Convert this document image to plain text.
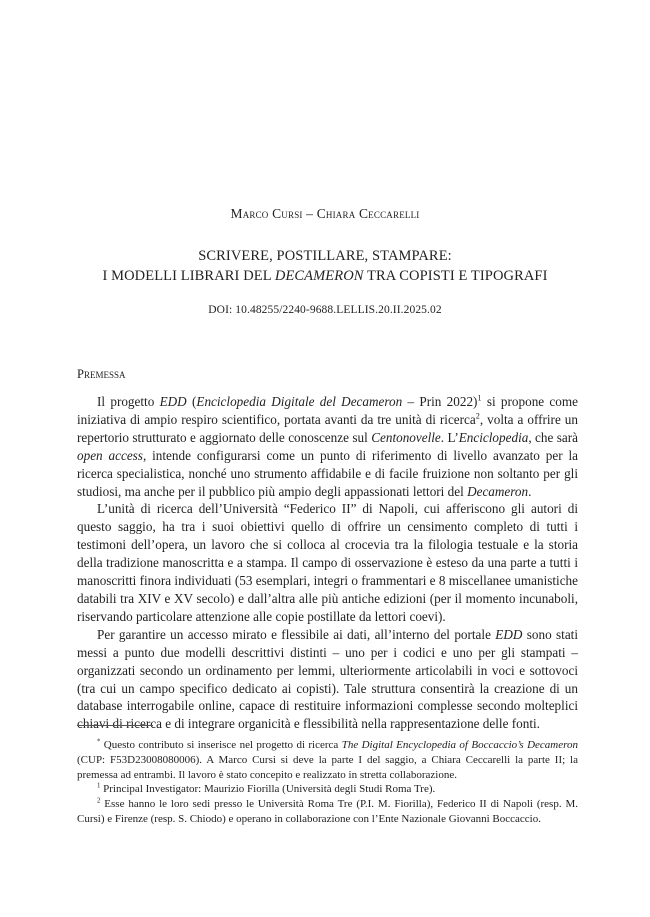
Marco Cursi – Chiara Ceccarelli
SCRIVERE, POSTILLARE, STAMPARE:
I MODELLI LIBRARI DEL DECAMERON TRA COPISTI E TIPOGRAFI
DOI: 10.48255/2240-9688.LELLIS.20.II.2025.02
Premessa

Il progetto EDD (Enciclopedia Digitale del Decameron – Prin 2022)$^1$ si propone come iniziativa di ampio respiro scientifico, portata avanti da tre unità di ricerca$^2$, volta a offrire un repertorio strutturato e aggiornato delle conoscenze sul Centonovelle. L’Enciclopedia, che sarà open access, intende configurarsi come un punto di riferimento di livello avanzato per la ricerca specialistica, nonché uno strumento affidabile e di facile fruizione non soltanto per gli studiosi, ma anche per il pubblico più ampio degli appassionati lettori del Decameron.

L’unità di ricerca dell’Università “Federico II” di Napoli, cui afferiscono gli autori di questo saggio, ha tra i suoi obiettivi quello di offrire un censimento completo di tutti i testimoni dell’opera, un lavoro che si colloca al crocevia tra la filologia testuale e la storia della tradizione manoscritta e a stampa. Il campo di osservazione è esteso da una parte a tutti i manoscritti finora individuati (53 esemplari, integri o frammentari e 8 miscellanee umanistiche databili tra XIV e XV secolo) e dall’altra alle più antiche edizioni (per il momento incunaboli, riservando particolare attenzione alle copie postillate da lettori coevi).

Per garantire un accesso mirato e flessibile ai dati, all’interno del portale EDD sono stati messi a punto due modelli descrittivi distinti – uno per i codici e uno per gli stampati – organizzati secondo un ordinamento per lemmi, ulteriormente articolabili in voci e sottovoci (tra cui un campo specifico dedicato ai copisti). Tale struttura consentirà la creazione di un database interrogabile online, capace di restituire informazioni complesse secondo molteplici chiavi di ricerca e di integrare organicità e flessibilità nella rappresentazione delle fonti.

* Questo contributo si inserisce nel progetto di ricerca The Digital Encyclopedia of Boccaccio’s Decameron (CUP: F53D23008080006). A Marco Cursi si deve la parte I del saggio, a Chiara Ceccarelli la parte II; la premessa ad entrambi. Il lavoro è stato concepito e realizzato in stretta collaborazione.

$^1$ Principal Investigator: Maurizio Fiorilla (Università degli Studi Roma Tre).

$^2$ Esse hanno le loro sedi presso le Università Roma Tre (P.I. M. Fiorilla), Federico II di Napoli (resp. M. Cursi) e Firenze (resp. S. Chiodo) e operano in collaborazione con l’Ente Nazionale Giovanni Boccaccio.
